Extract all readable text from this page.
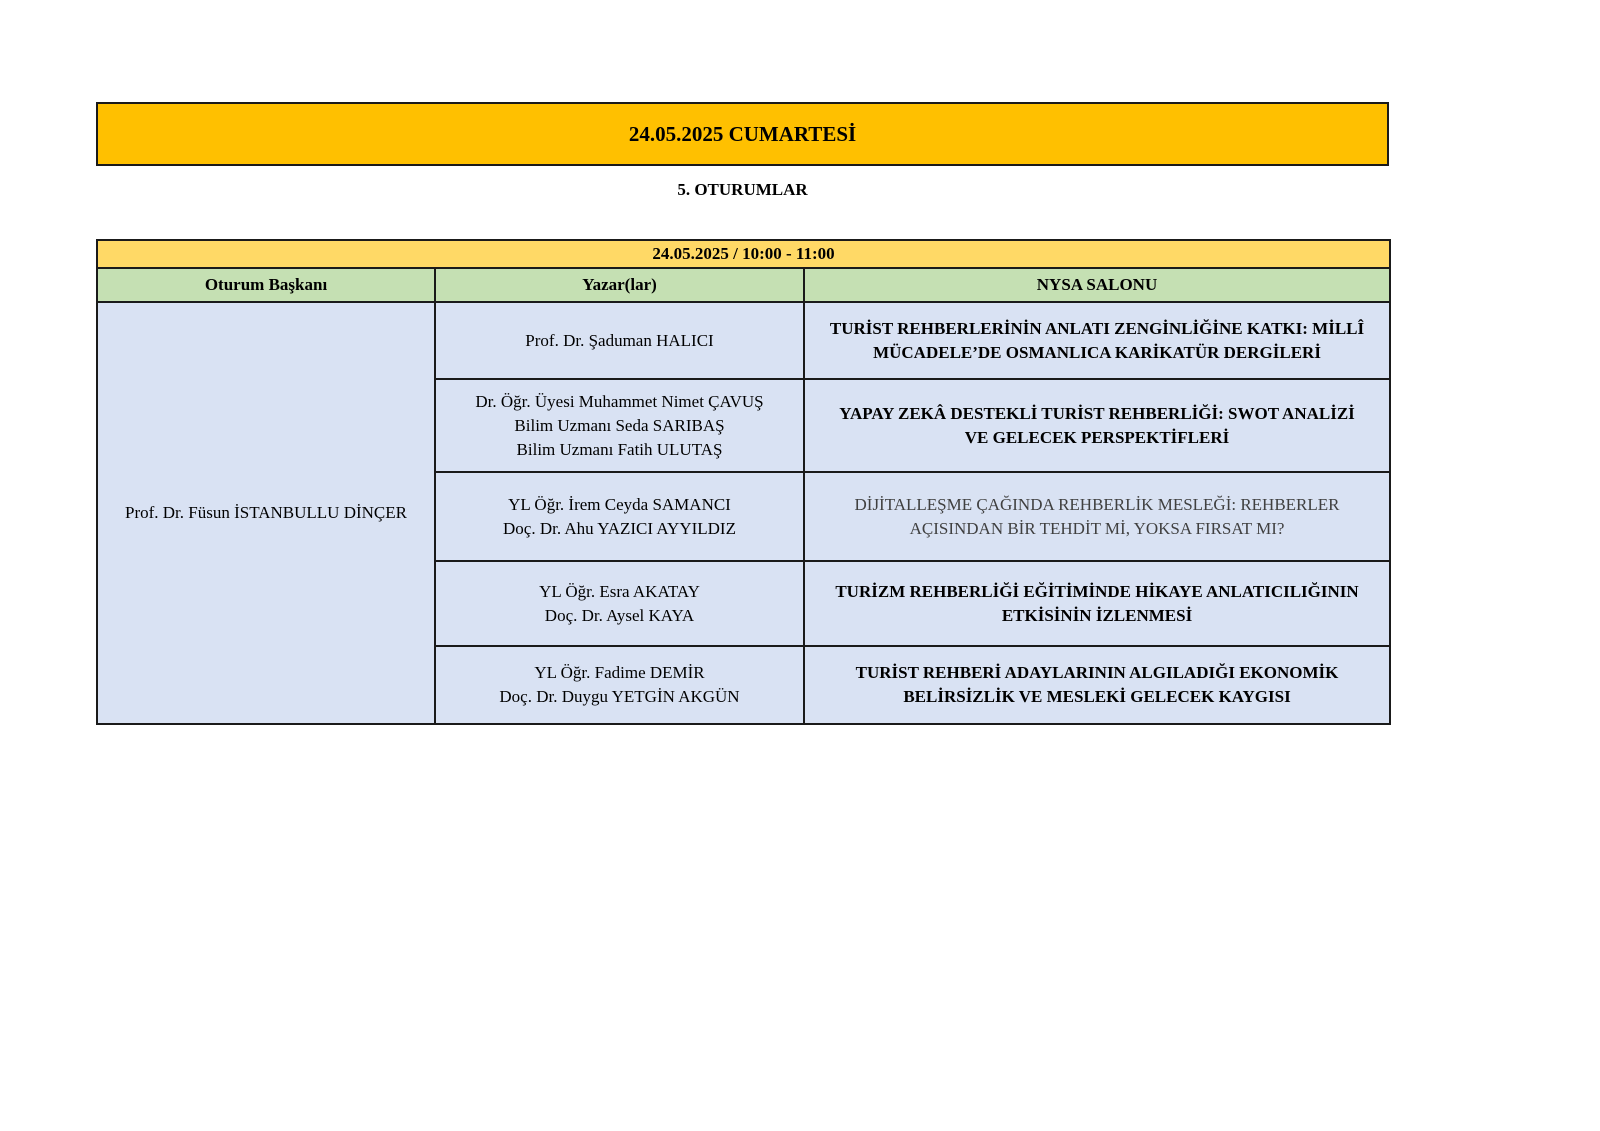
24.05.2025 CUMARTESİ
5. OTURUMLAR
24.05.2025 / 10:00 - 11:00		
Oturum Başkanı	Yazar(lar)	NYSA SALONU
Prof. Dr. Füsun İSTANBULLU DİNÇER	Prof. Dr. Şaduman HALICI	TURİST REHBERLERİNİN ANLATI ZENGİNLİĞİNE KATKI: MİLLÎ
MÜCADELE’DE OSMANLICA KARİKATÜR DERGİLERİ

	Dr. Öğr. Üyesi Muhammet Nimet ÇAVUŞ
Bilim Uzmanı Seda SARIBAŞ
Bilim Uzmanı Fatih ULUTAŞ	YAPAY ZEKÂ DESTEKLİ TURİST REHBERLİĞİ: SWOT ANALİZİ
VE GELECEK PERSPEKTİFLERİ

	YL Öğr. İrem Ceyda SAMANCI
Doç. Dr. Ahu YAZICI AYYILDIZ	DİJİTALLEŞME ÇAĞINDA REHBERLİK MESLEĞİ: REHBERLER
AÇISINDAN BİR TEHDİT Mİ, YOKSA FIRSAT MI?

	YL Öğr. Esra AKATAY
Doç. Dr. Aysel KAYA	TURİZM REHBERLİĞİ EĞİTİMİNDE HİKAYE ANLATICILIĞININ
ETKİSİNİN İZLENMESİ

	YL Öğr. Fadime DEMİR
Doç. Dr. Duygu YETGİN AKGÜN	TURİST REHBERİ ADAYLARININ ALGILADIĞI EKONOMİK
BELİRSİZLİK VE MESLEKİ GELECEK KAYGISI
